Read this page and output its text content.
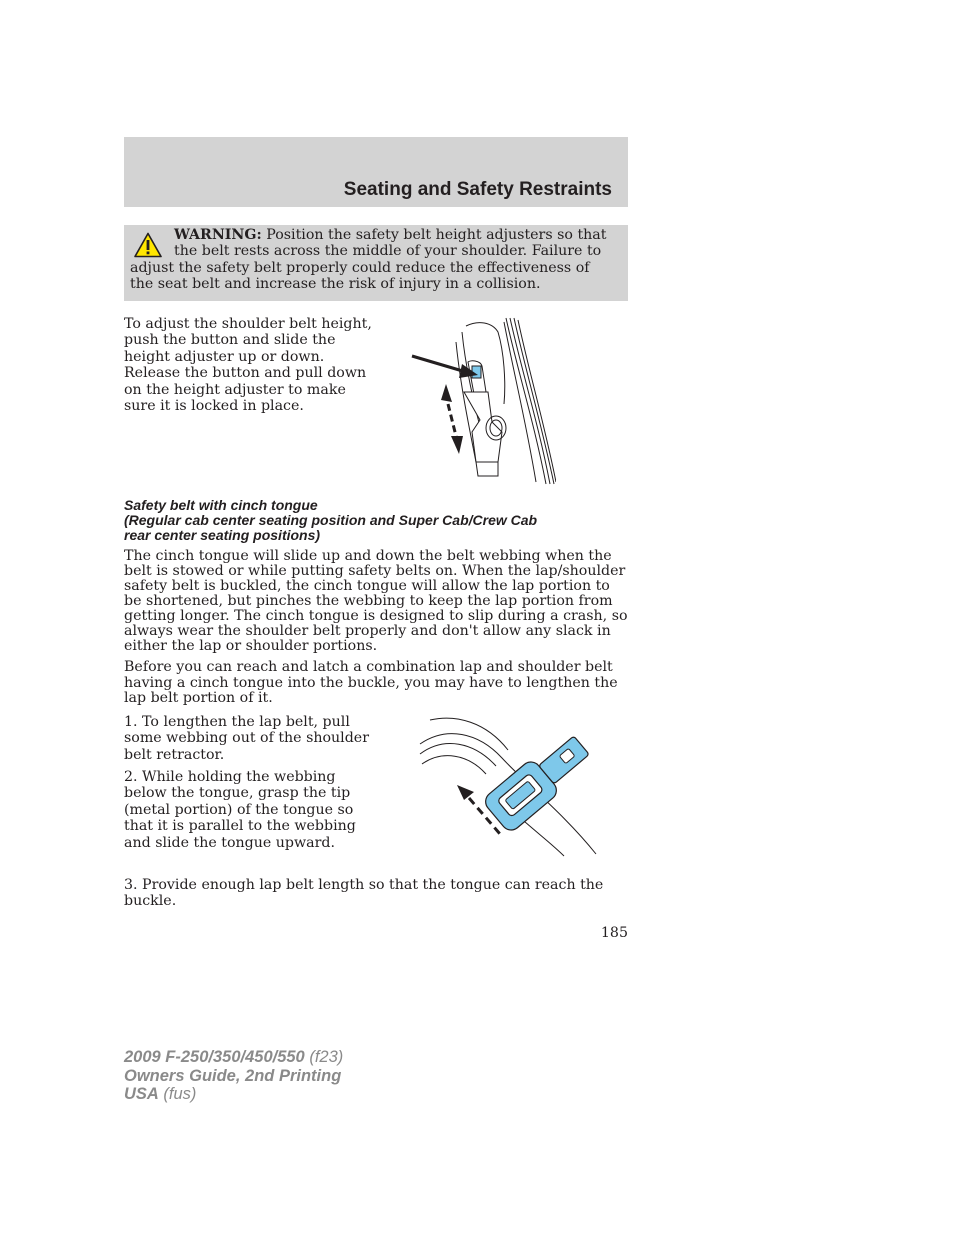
Seating and Safety Restraints
WARNING: Position the safety belt height adjusters so that the belt rests across the middle of your shoulder. Failure to adjust the safety belt properly could reduce the effectiveness of the seat belt and increase the risk of injury in a collision.

To adjust the shoulder belt height, push the button and slide the height adjuster up or down. Release the button and pull down on the height adjuster to make sure it is locked in place.

Safety belt with cinch tongue
(Regular cab center seating position and Super Cab/Crew Cab
rear center seating positions)

The cinch tongue will slide up and down the belt webbing when the belt is stowed or while putting safety belts on. When the lap/shoulder safety belt is buckled, the cinch tongue will allow the lap portion to be shortened, but pinches the webbing to keep the lap portion from getting longer. The cinch tongue is designed to slip during a crash, so always wear the shoulder belt properly and don't allow any slack in either the lap or shoulder portions.

Before you can reach and latch a combination lap and shoulder belt having a cinch tongue into the buckle, you may have to lengthen the lap belt portion of it.

1. To lengthen the lap belt, pull some webbing out of the shoulder belt retractor.

2. While holding the webbing below the tongue, grasp the tip (metal portion) of the tongue so that it is parallel to the webbing and slide the tongue upward.

3. Provide enough lap belt length so that the tongue can reach the buckle.

185
2009 F-250/350/450/550 (f23)
Owners Guide, 2nd Printing
USA (fus)
